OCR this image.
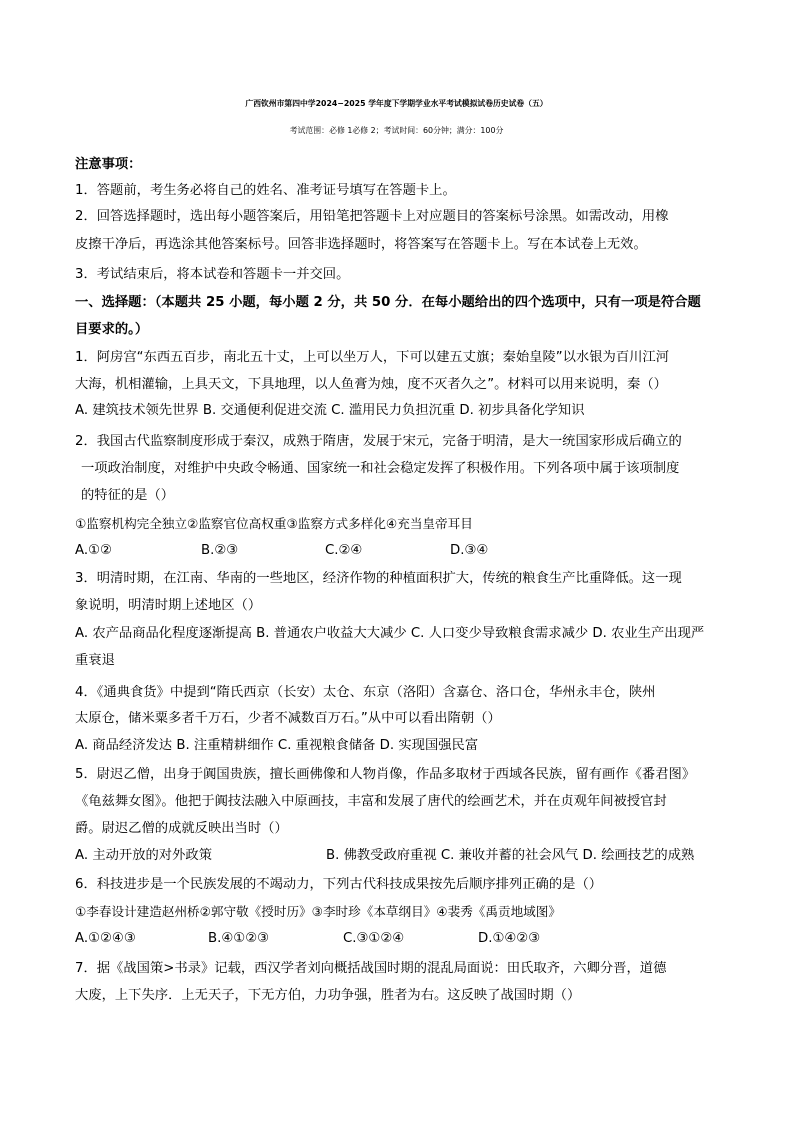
广西钦州市第四中学2024−2025 学年度下学期学业水平考试模拟试卷历史试卷（五）
考试范围：必修 1必修 2；考试时间：60分钟；满分：100分
注意事项：
1．答题前，考生务必将自己的姓名、准考证号填写在答题卡上。
2．回答选择题时，选出每小题答案后，用铅笔把答题卡上对应题目的答案标号涂黑。如需改动，用橡
皮擦干净后，再选涂其他答案标号。回答非选择题时，将答案写在答题卡上。写在本试卷上无效。
3．考试结束后，将本试卷和答题卡一并交回。
一、选择题：（本题共 25 小题，每小题 2 分，共 50 分．在每小题给出的四个选项中，只有一项是符合题
目要求的。）
1．阿房宫“东西五百步，南北五十丈，上可以坐万人，下可以建五丈旗；秦始皇陵”以水银为百川江河
大海，机相灌输，上具天文，下具地理，以人鱼膏为烛，度不灭者久之”。材料可以用来说明，秦（）
A. 建筑技术领先世界 B. 交通便利促进交流 C. 滥用民力负担沉重 D. 初步具备化学知识
2．我国古代监察制度形成于秦汉，成熟于隋唐，发展于宋元，完备于明清，是大一统国家形成后确立的
一项政治制度，对维护中央政令畅通、国家统一和社会稳定发挥了积极作用。下列各项中属于该项制度
的特征的是（）
①监察机构完全独立②监察官位高权重③监察方式多样化④充当皇帝耳目
A.①②	B.②③	C.②④	D.③④
3．明清时期，在江南、华南的一些地区，经济作物的种植面积扩大，传统的粮食生产比重降低。这一现
象说明，明清时期上述地区（）
A. 农产品商品化程度逐渐提高 B. 普通农户收益大大减少 C. 人口变少导致粮食需求减少 D. 农业生产出现严
重衰退
4．《通典食货》中提到“隋氏西京（长安）太仓、东京（洛阳）含嘉仓、洛口仓，华州永丰仓，陕州
太原仓，储米粟多者千万石，少者不减数百万石。”从中可以看出隋朝（）
A. 商品经济发达 B. 注重精耕细作 C. 重视粮食储备 D. 实现国强民富
5．尉迟乙僧，出身于阗国贵族，擅长画佛像和人物肖像，作品多取材于西域各民族，留有画作《番君图》
《龟兹舞女图》。他把于阗技法融入中原画技，丰富和发展了唐代的绘画艺术，并在贞观年间被授官封
爵。尉迟乙僧的成就反映出当时（）
A. 主动开放的对外政策	B. 佛教受政府重视 C. 兼收并蓄的社会风气 D. 绘画技艺的成熟
6．科技进步是一个民族发展的不竭动力，下列古代科技成果按先后顺序排列正确的是（）
①李春设计建造赵州桥②郭守敬《授时历》③李时珍《本草纲目》④裴秀《禹贡地域图》
A.①②④③	B.④①②③	C.③①②④	D.①④②③
7．据《战国策>书录》记载，西汉学者刘向概括战国时期的混乱局面说：田氏取齐，六卿分晋，道德
大废，上下失序．上无天子，下无方伯，力功争强，胜者为右。这反映了战国时期（）
